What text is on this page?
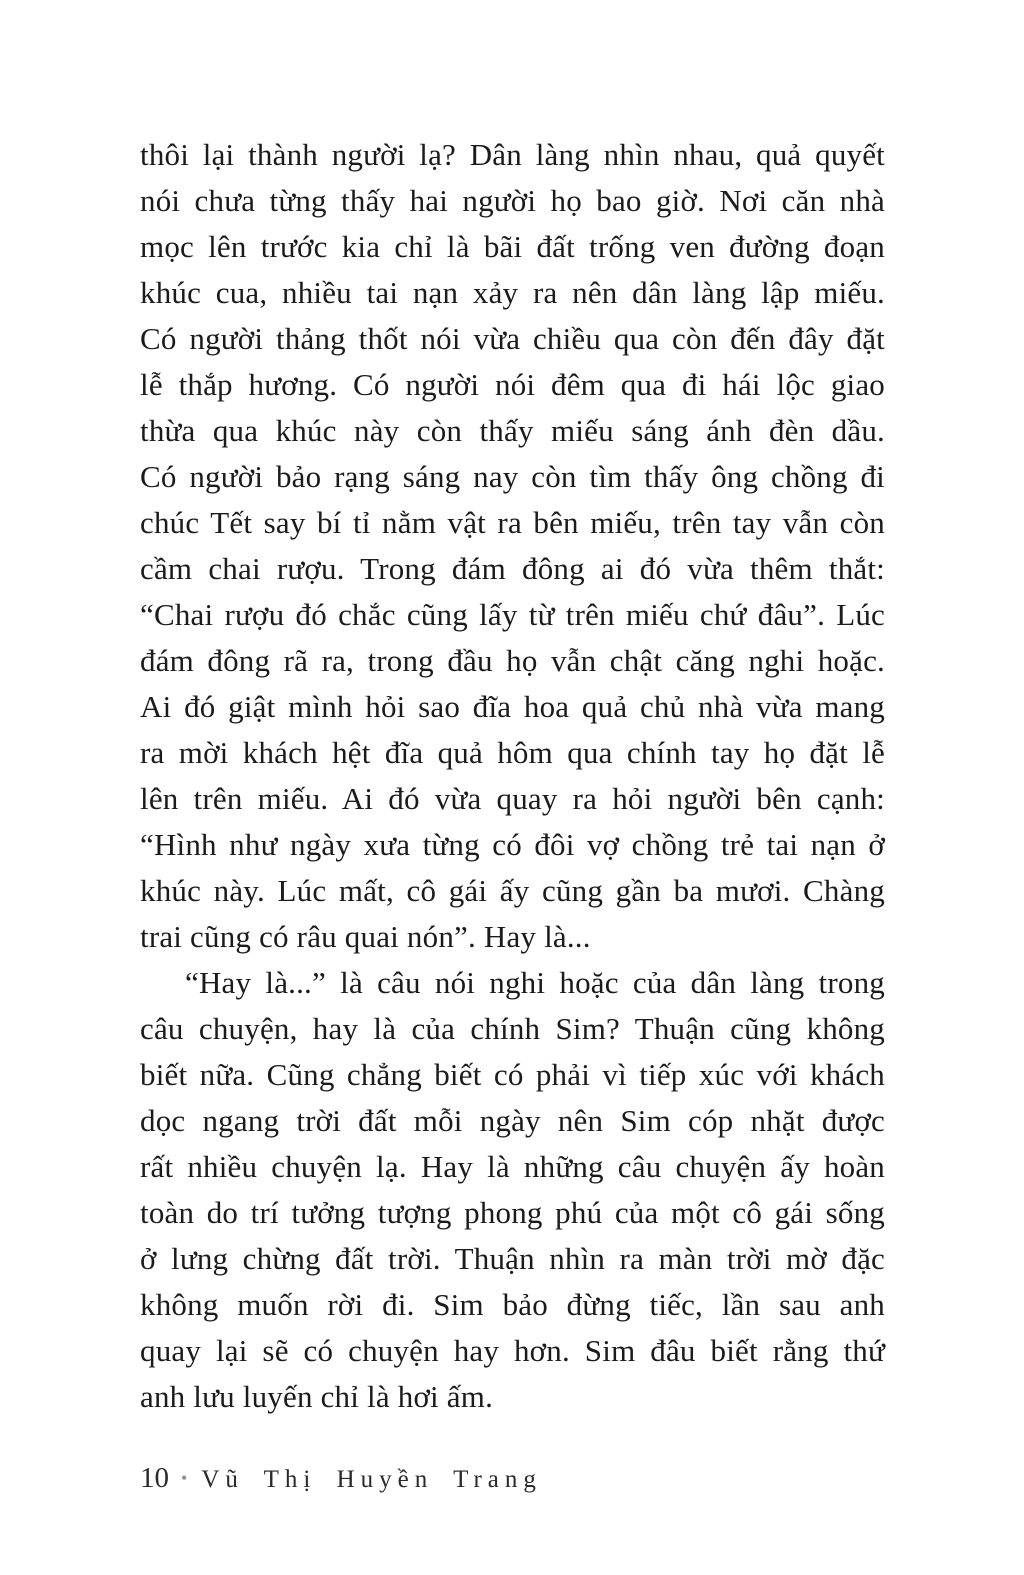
thôi lại thành người lạ? Dân làng nhìn nhau, quả quyết
nói chưa từng thấy hai người họ bao giờ. Nơi căn nhà
mọc lên trước kia chỉ là bãi đất trống ven đường đoạn
khúc cua, nhiều tai nạn xảy ra nên dân làng lập miếu.
Có người thảng thốt nói vừa chiều qua còn đến đây đặt
lễ thắp hương. Có người nói đêm qua đi hái lộc giao
thừa qua khúc này còn thấy miếu sáng ánh đèn dầu.
Có người bảo rạng sáng nay còn tìm thấy ông chồng đi
chúc Tết say bí tỉ nằm vật ra bên miếu, trên tay vẫn còn
cầm chai rượu. Trong đám đông ai đó vừa thêm thắt:
“Chai rượu đó chắc cũng lấy từ trên miếu chứ đâu”. Lúc
đám đông rã ra, trong đầu họ vẫn chật căng nghi hoặc.
Ai đó giật mình hỏi sao đĩa hoa quả chủ nhà vừa mang
ra mời khách hệt đĩa quả hôm qua chính tay họ đặt lễ
lên trên miếu. Ai đó vừa quay ra hỏi người bên cạnh:
“Hình như ngày xưa từng có đôi vợ chồng trẻ tai nạn ở
khúc này. Lúc mất, cô gái ấy cũng gần ba mươi. Chàng
trai cũng có râu quai nón”. Hay là...
“Hay là...” là câu nói nghi hoặc của dân làng trong
câu chuyện, hay là của chính Sim? Thuận cũng không
biết nữa. Cũng chẳng biết có phải vì tiếp xúc với khách
dọc ngang trời đất mỗi ngày nên Sim cóp nhặt được
rất nhiều chuyện lạ. Hay là những câu chuyện ấy hoàn
toàn do trí tưởng tượng phong phú của một cô gái sống
ở lưng chừng đất trời. Thuận nhìn ra màn trời mờ đặc
không muốn rời đi. Sim bảo đừng tiếc, lần sau anh
quay lại sẽ có chuyện hay hơn. Sim đâu biết rằng thứ
anh lưu luyến chỉ là hơi ấm.
10 • Vũ Thị Huyền Trang
